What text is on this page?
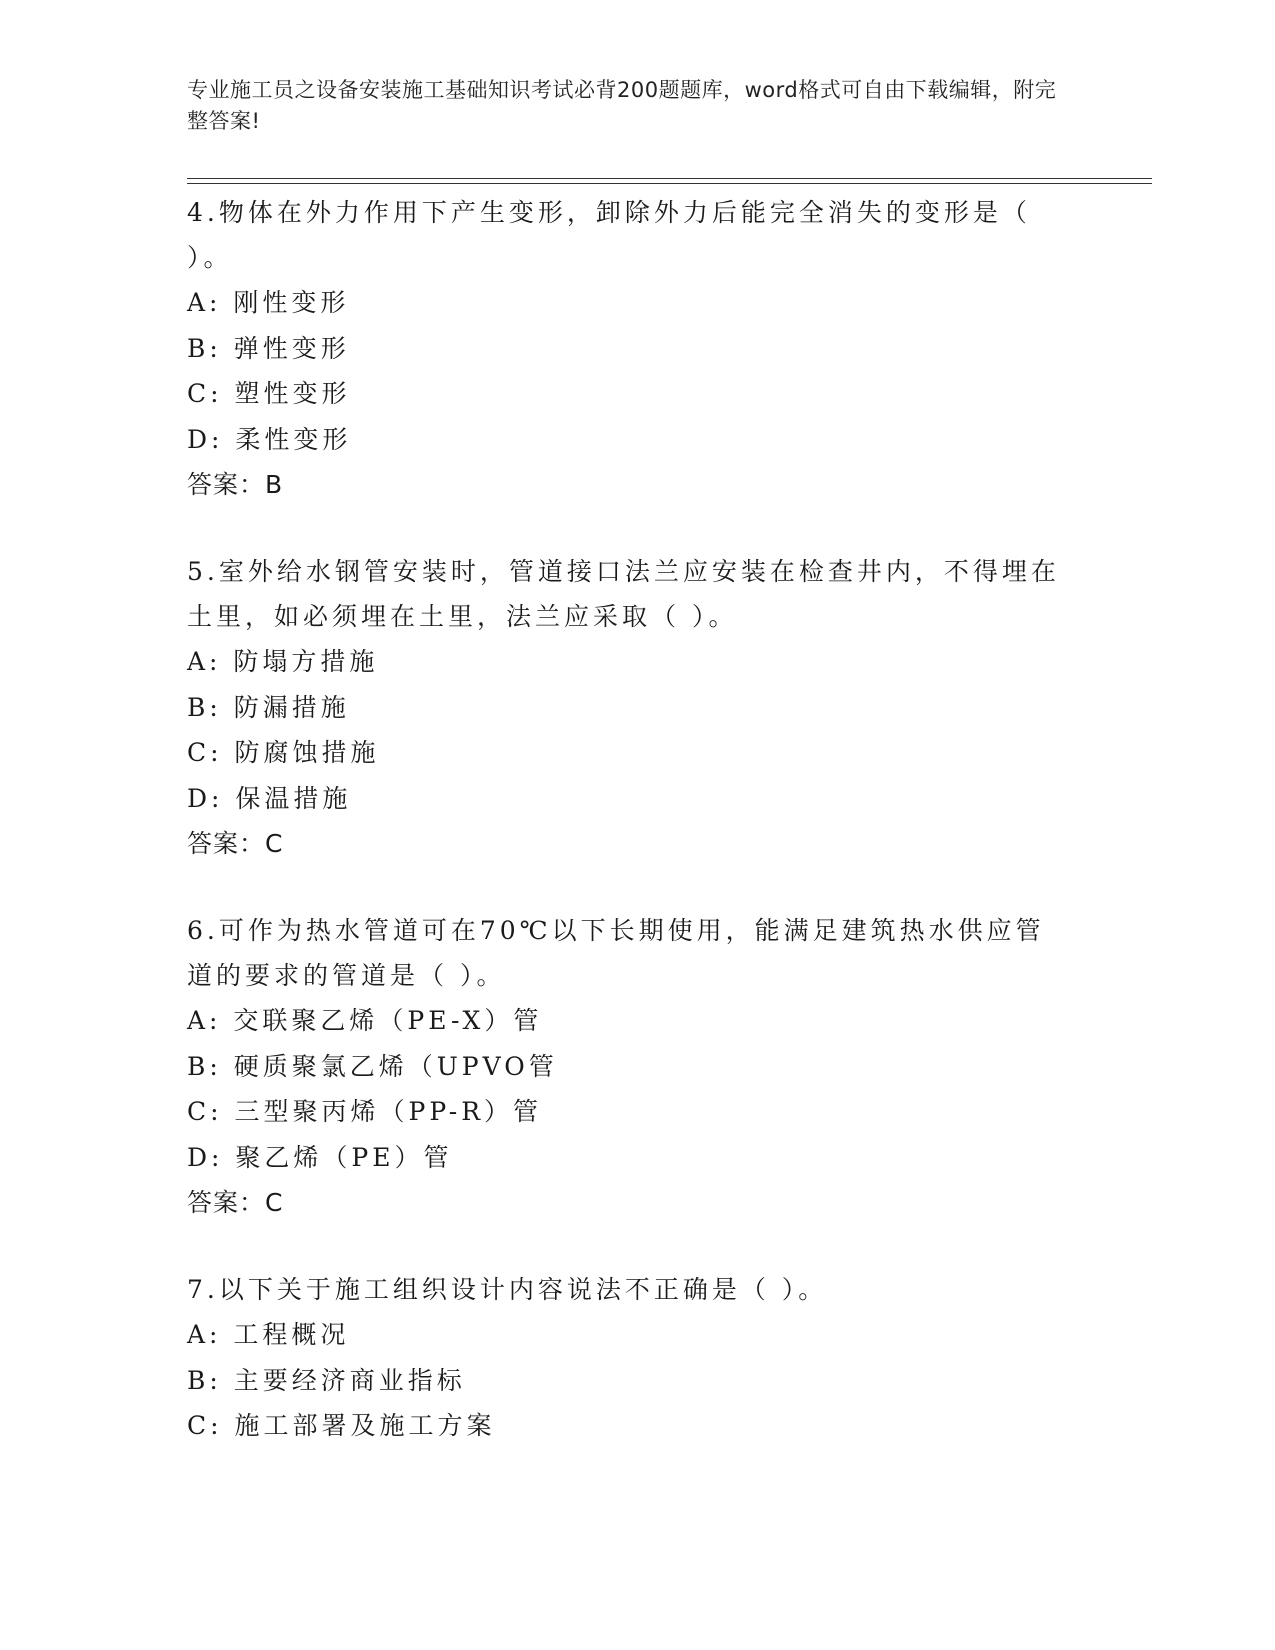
专业施工员之设备安装施工基础知识考试必背200题题库，word格式可自由下载编辑，附完整答案!
4.物体在外力作用下产生变形，卸除外力后能完全消失的变形是（ ）。
A: 刚性变形
B: 弹性变形
C: 塑性变形
D: 柔性变形
答案：B
5.室外给水钢管安装时，管道接口法兰应安装在检查井内，不得埋在土里，如必须埋在土里，法兰应采取（ ）。
A: 防塌方措施
B: 防漏措施
C: 防腐蚀措施
D: 保温措施
答案：C
6.可作为热水管道可在70℃以下长期使用，能满足建筑热水供应管道的要求的管道是（ ）。
A: 交联聚乙烯（PE-X）管
B: 硬质聚氯乙烯（UPVO管
C: 三型聚丙烯（PP-R）管
D: 聚乙烯（PE）管
答案：C
7.以下关于施工组织设计内容说法不正确是（ ）。
A: 工程概况
B: 主要经济商业指标
C: 施工部署及施工方案
